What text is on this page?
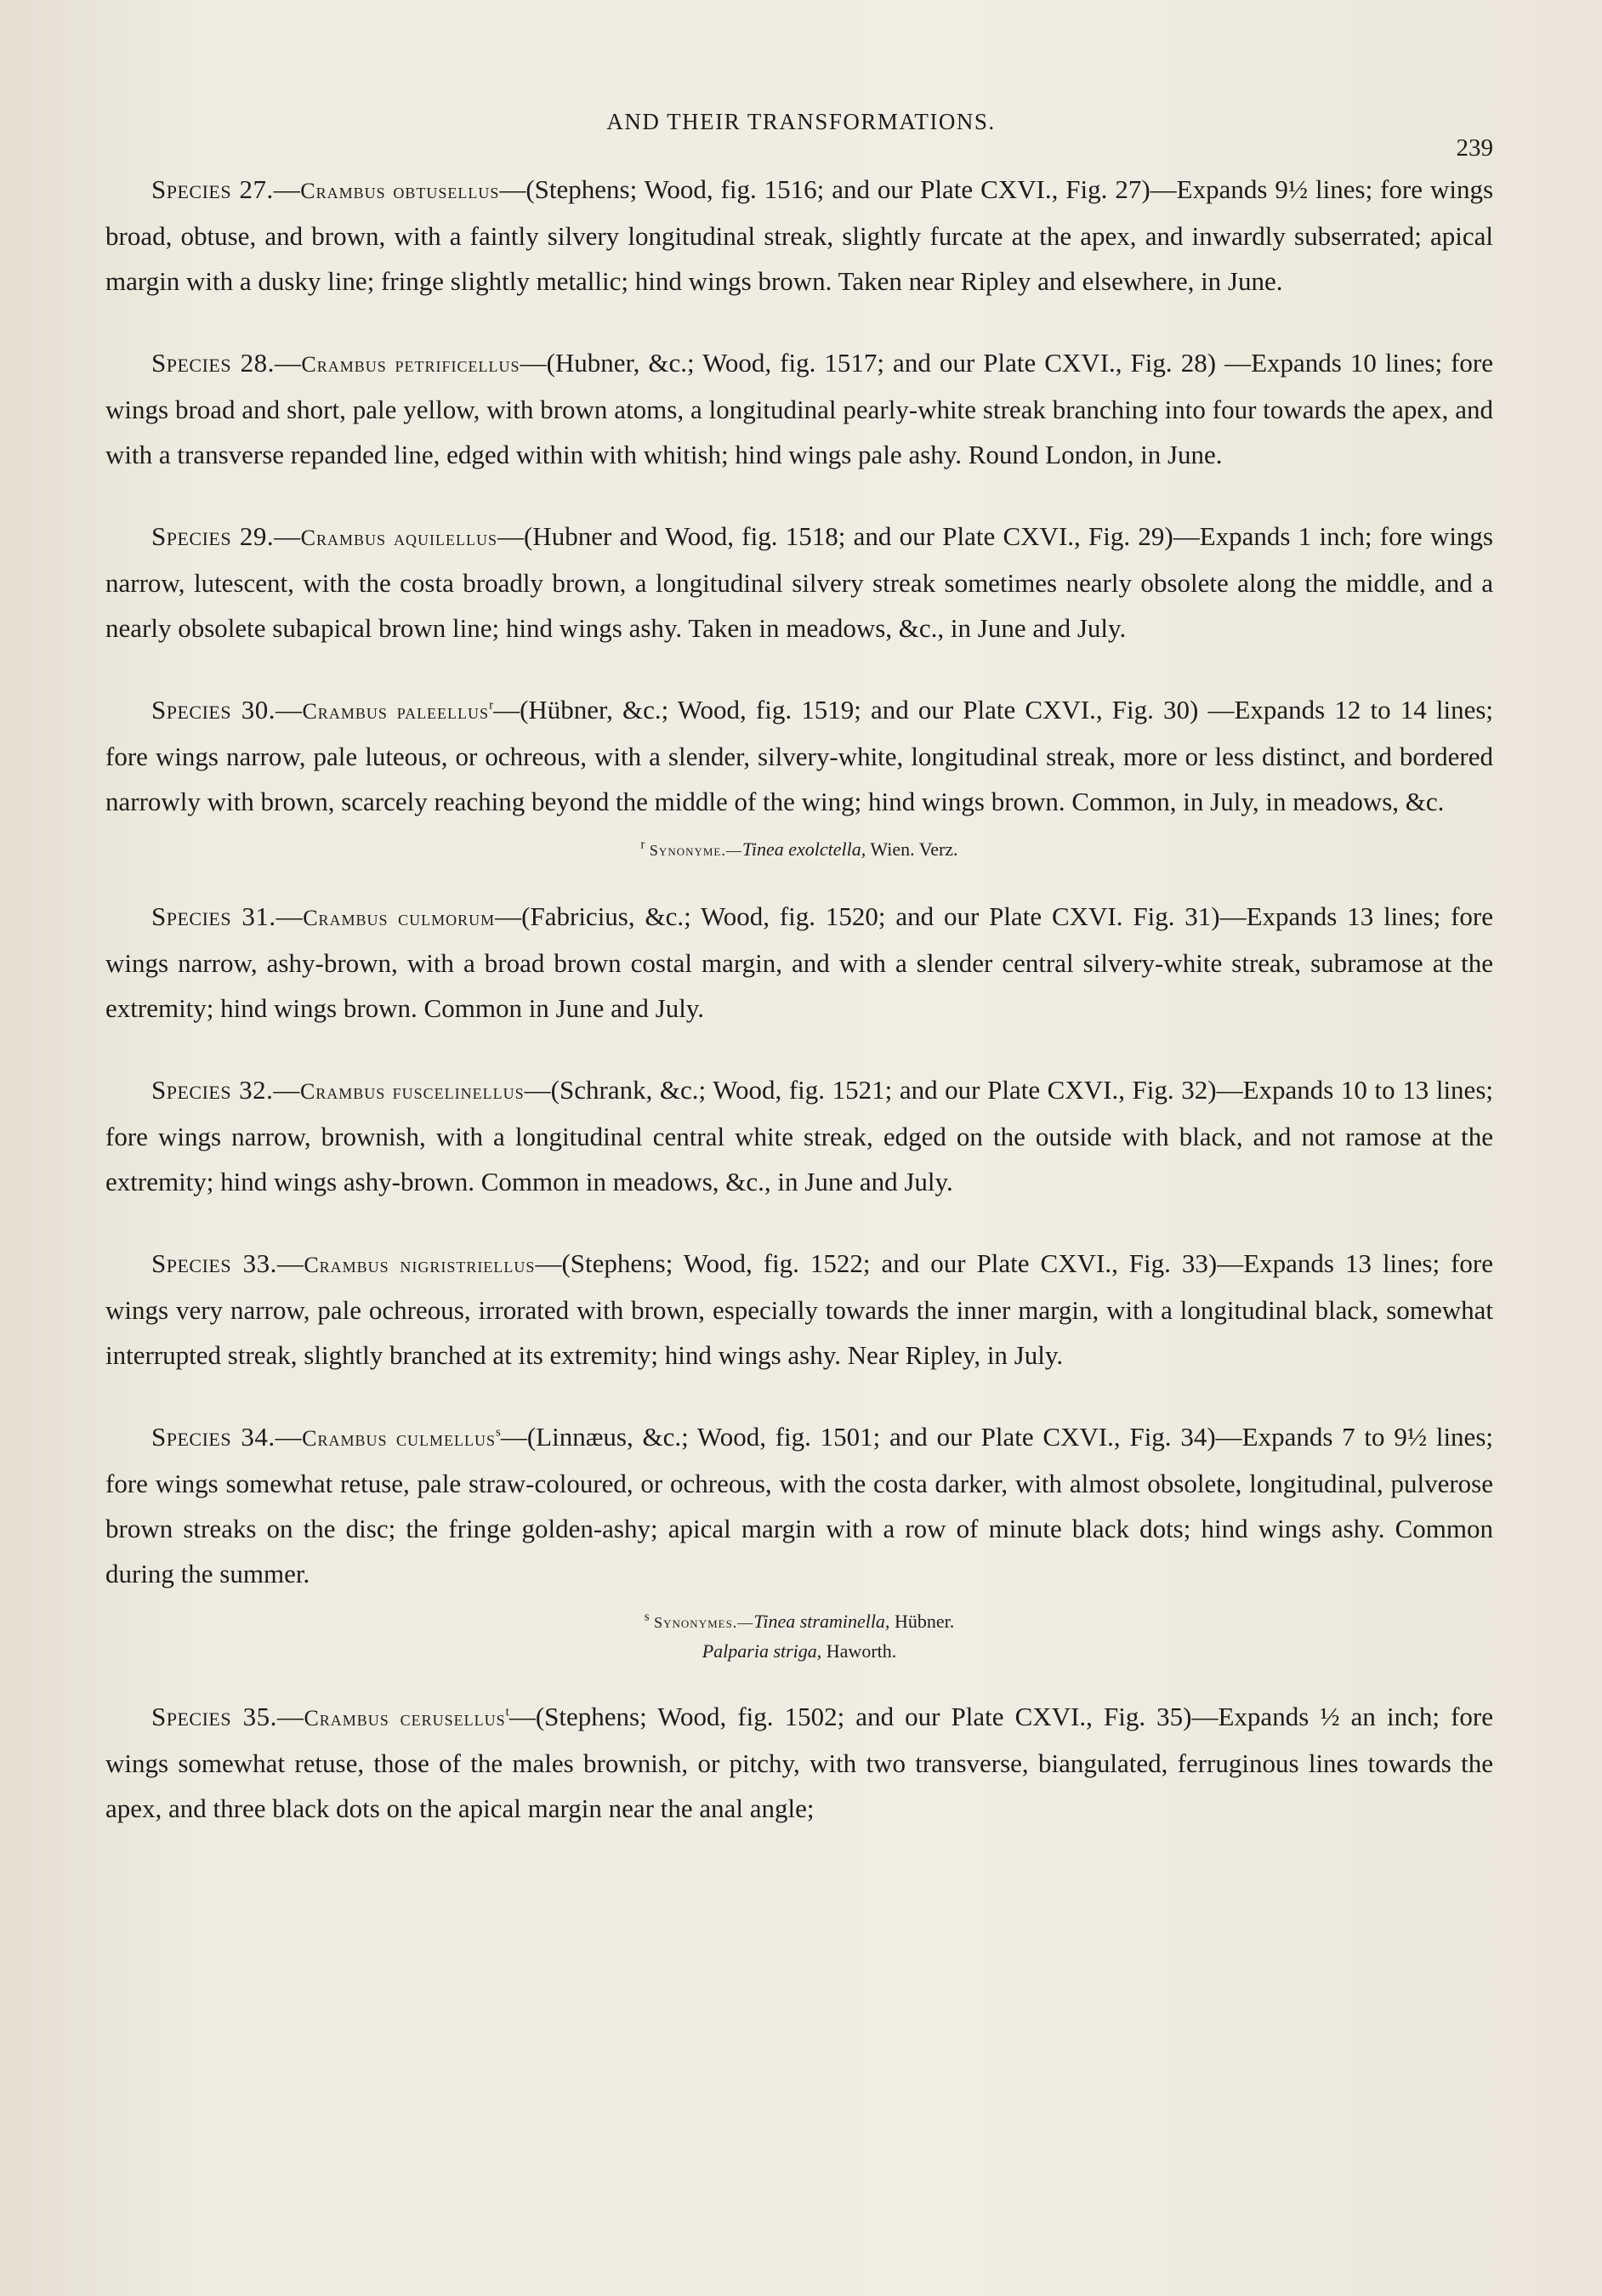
AND THEIR TRANSFORMATIONS.
239

Species 27.—Crambus obtusellus—(Stephens; Wood, fig. 1516; and our Plate CXVI., Fig. 27)—Expands 9½ lines; fore wings broad, obtuse, and brown, with a faintly silvery longitudinal streak, slightly furcate at the apex, and inwardly subserrated; apical margin with a dusky line; fringe slightly metallic; hind wings brown. Taken near Ripley and elsewhere, in June.

Species 28.—Crambus petrificellus—(Hubner, &c.; Wood, fig. 1517; and our Plate CXVI., Fig. 28) —Expands 10 lines; fore wings broad and short, pale yellow, with brown atoms, a longitudinal pearly-white streak branching into four towards the apex, and with a transverse repanded line, edged within with whitish; hind wings pale ashy. Round London, in June.

Species 29.—Crambus aquilellus—(Hubner and Wood, fig. 1518; and our Plate CXVI., Fig. 29)—Expands 1 inch; fore wings narrow, lutescent, with the costa broadly brown, a longitudinal silvery streak sometimes nearly obsolete along the middle, and a nearly obsolete subapical brown line; hind wings ashy. Taken in meadows, &c., in June and July.

Species 30.—Crambus paleellus$^r$—(Hübner, &c.; Wood, fig. 1519; and our Plate CXVI., Fig. 30) —Expands 12 to 14 lines; fore wings narrow, pale luteous, or ochreous, with a slender, silvery-white, longitudinal streak, more or less distinct, and bordered narrowly with brown, scarcely reaching beyond the middle of the wing; hind wings brown. Common, in July, in meadows, &c.

$^r$ Synonyme.—Tinea exolctella, Wien. Verz.

Species 31.—Crambus culmorum—(Fabricius, &c.; Wood, fig. 1520; and our Plate CXVI. Fig. 31)—Expands 13 lines; fore wings narrow, ashy-brown, with a broad brown costal margin, and with a slender central silvery-white streak, subramose at the extremity; hind wings brown. Common in June and July.

Species 32.—Crambus fuscelinellus—(Schrank, &c.; Wood, fig. 1521; and our Plate CXVI., Fig. 32)—Expands 10 to 13 lines; fore wings narrow, brownish, with a longitudinal central white streak, edged on the outside with black, and not ramose at the extremity; hind wings ashy-brown. Common in meadows, &c., in June and July.

Species 33.—Crambus nigristriellus—(Stephens; Wood, fig. 1522; and our Plate CXVI., Fig. 33)—Expands 13 lines; fore wings very narrow, pale ochreous, irrorated with brown, especially towards the inner margin, with a longitudinal black, somewhat interrupted streak, slightly branched at its extremity; hind wings ashy. Near Ripley, in July.

Species 34.—Crambus culmellus$^s$—(Linnæus, &c.; Wood, fig. 1501; and our Plate CXVI., Fig. 34)—Expands 7 to 9½ lines; fore wings somewhat retuse, pale straw-coloured, or ochreous, with the costa darker, with almost obsolete, longitudinal, pulverose brown streaks on the disc; the fringe golden-ashy; apical margin with a row of minute black dots; hind wings ashy. Common during the summer.

$^s$ Synonymes.—Tinea straminella, Hübner.
Palparia striga, Haworth.

Species 35.—Crambus cerusellus$^t$—(Stephens; Wood, fig. 1502; and our Plate CXVI., Fig. 35)—Expands ½ an inch; fore wings somewhat retuse, those of the males brownish, or pitchy, with two transverse, biangulated, ferruginous lines towards the apex, and three black dots on the apical margin near the anal angle;
